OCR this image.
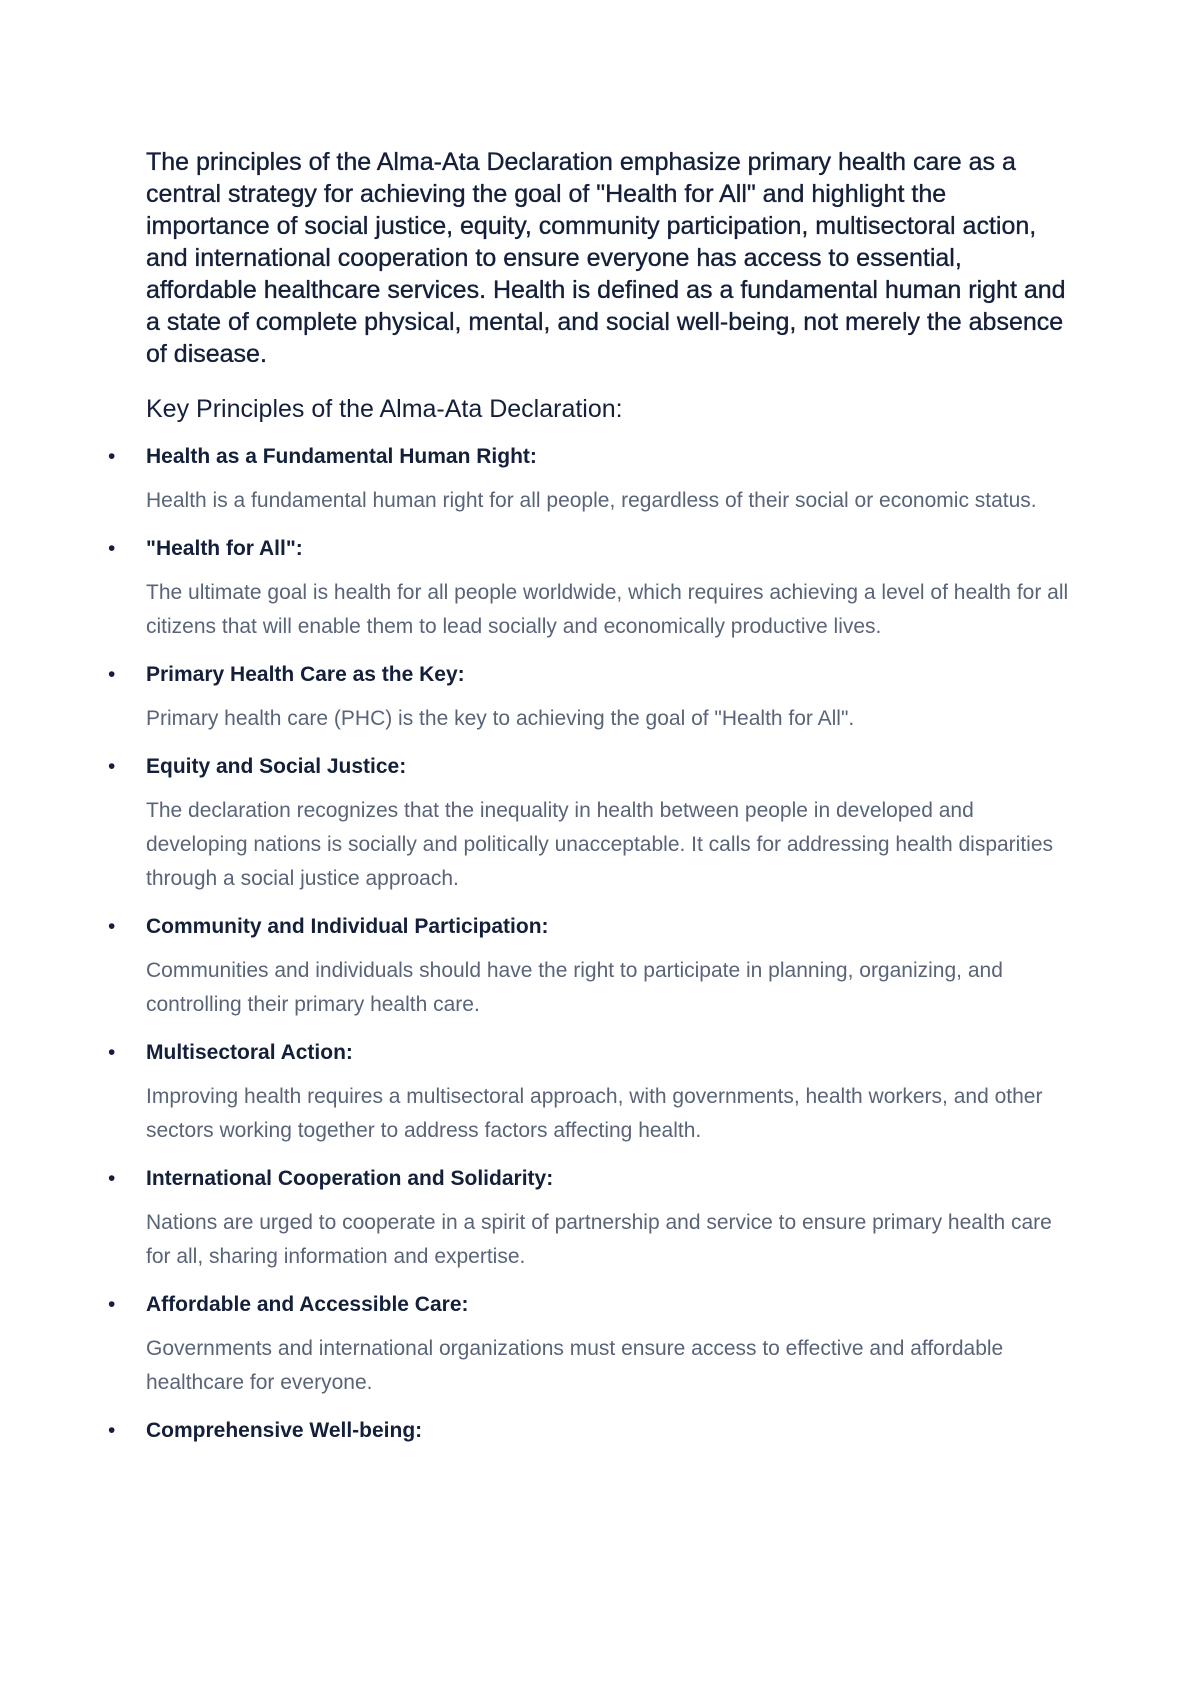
The principles of the Alma-Ata Declaration emphasize primary health care as a central strategy for achieving the goal of "Health for All" and highlight the importance of social justice, equity, community participation, multisectoral action, and international cooperation to ensure everyone has access to essential, affordable healthcare services. Health is defined as a fundamental human right and a state of complete physical, mental, and social well-being, not merely the absence of disease.

Key Principles of the Alma-Ata Declaration:

• Health as a Fundamental Human Right:

Health is a fundamental human right for all people, regardless of their social or economic status.

• "Health for All":

The ultimate goal is health for all people worldwide, which requires achieving a level of health for all citizens that will enable them to lead socially and economically productive lives.

• Primary Health Care as the Key:

Primary health care (PHC) is the key to achieving the goal of "Health for All".

• Equity and Social Justice:

The declaration recognizes that the inequality in health between people in developed and developing nations is socially and politically unacceptable. It calls for addressing health disparities through a social justice approach.

• Community and Individual Participation:

Communities and individuals should have the right to participate in planning, organizing, and controlling their primary health care.

• Multisectoral Action:

Improving health requires a multisectoral approach, with governments, health workers, and other sectors working together to address factors affecting health.

• International Cooperation and Solidarity:

Nations are urged to cooperate in a spirit of partnership and service to ensure primary health care for all, sharing information and expertise.

• Affordable and Accessible Care:

Governments and international organizations must ensure access to effective and affordable healthcare for everyone.

• Comprehensive Well-being:
